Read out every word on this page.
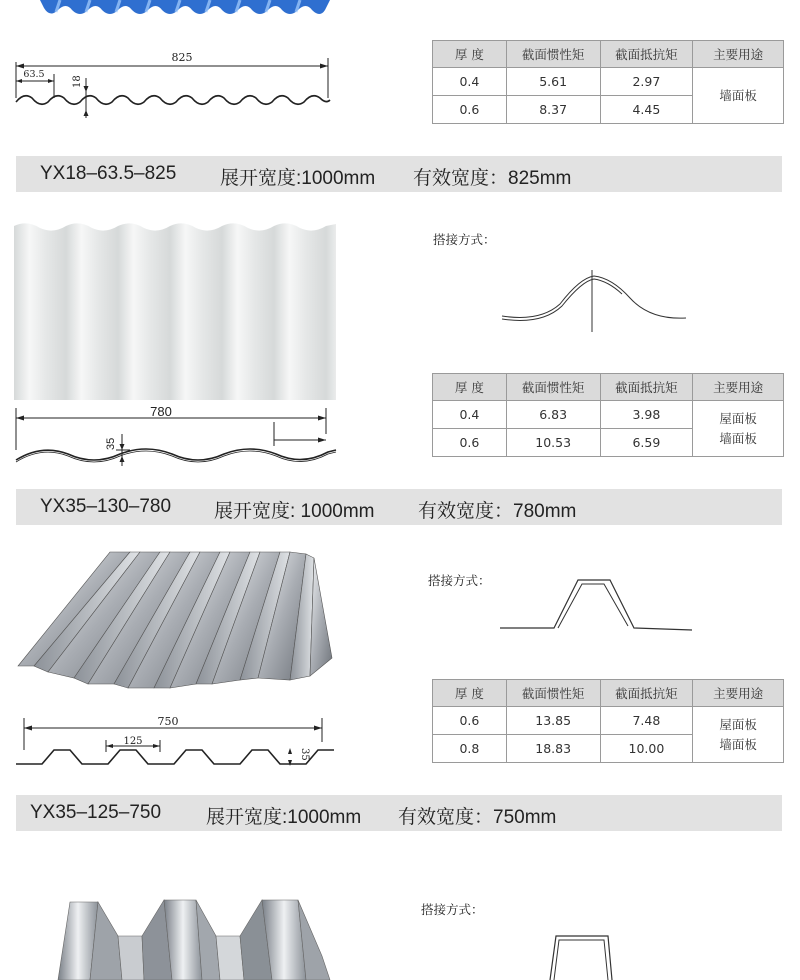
825
63.5
18
厚 度	截面惯性矩	截面抵抗矩	主要用途
0.4	5.61	2.97	墙面板
0.6	8.37	4.45	
YX18–63.5–825 展开宽度:1000mm 有效宽度：825mm
780
35
搭接方式：
厚 度	截面惯性矩	截面抵抗矩	主要用途
0.4	6.83	3.98	屋面板
墙面板

0.6	10.53	6.59	
YX35–130–780 展开宽度: 1000mm 有效宽度：780mm
750
125
35
搭接方式：
厚 度	截面惯性矩	截面抵抗矩	主要用途
0.6	13.85	7.48	屋面板
墙面板

0.8	18.83	10.00	
YX35–125–750 展开宽度:1000mm 有效宽度：750mm
搭接方式：
